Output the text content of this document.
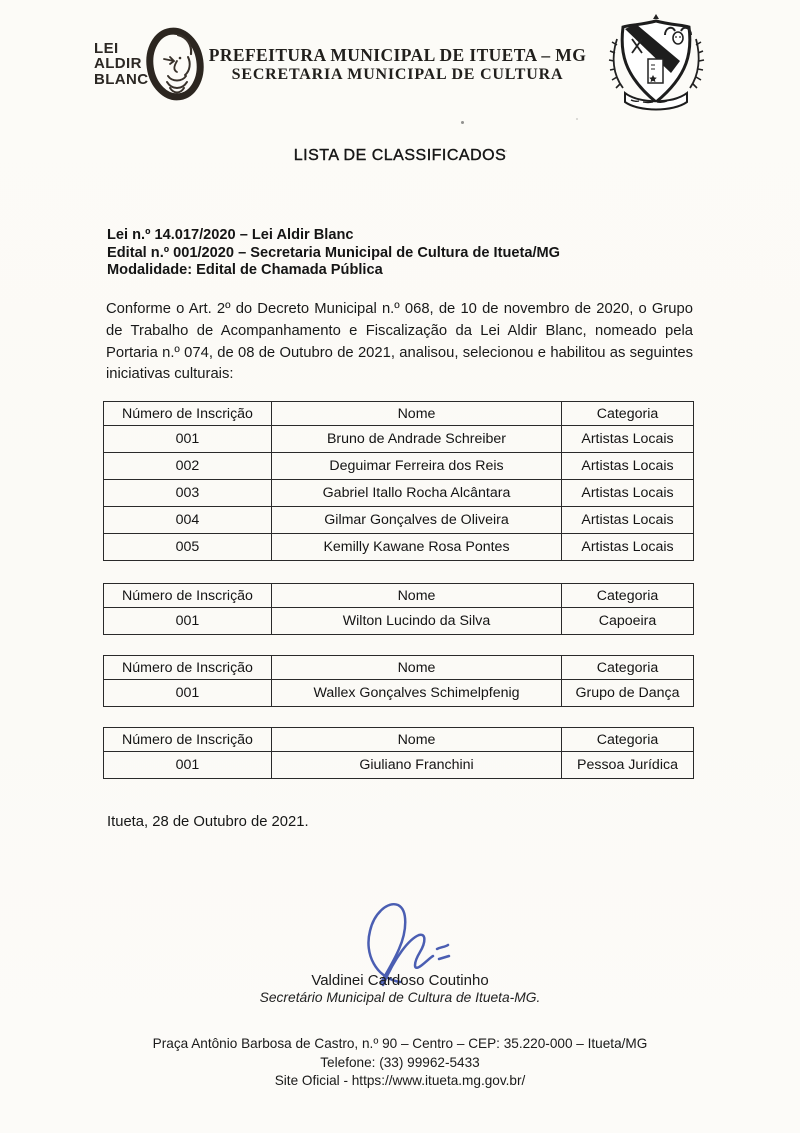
LEI
ALDIR
BLANC
PREFEITURA MUNICIPAL DE ITUETA – MG
SECRETARIA MUNICIPAL DE CULTURA
LISTA DE CLASSIFICADOS
Lei n.º 14.017/2020 – Lei Aldir Blanc
Edital n.º 001/2020 – Secretaria Municipal de Cultura de Itueta/MG
Modalidade: Edital de Chamada Pública

Conforme o Art. 2º do Decreto Municipal n.º 068, de 10 de novembro de 2020, o Grupo de Trabalho de Acompanhamento e Fiscalização da Lei Aldir Blanc, nomeado pela Portaria n.º 074, de 08 de Outubro de 2021, analisou, selecionou e habilitou as seguintes iniciativas culturais:

Número de Inscrição	Nome	Categoria
001	Bruno de Andrade Schreiber	Artistas Locais
002	Deguimar Ferreira dos Reis	Artistas Locais
003	Gabriel Itallo Rocha Alcântara	Artistas Locais
004	Gilmar Gonçalves de Oliveira	Artistas Locais
005	Kemilly Kawane Rosa Pontes	Artistas Locais
Número de Inscrição	Nome	Categoria
001	Wilton Lucindo da Silva	Capoeira
Número de Inscrição	Nome	Categoria
001	Wallex Gonçalves Schimelpfenig	Grupo de Dança
Número de Inscrição	Nome	Categoria
001	Giuliano Franchini	Pessoa Jurídica
Itueta, 28 de Outubro de 2021.
Valdinei Cardoso Coutinho
Secretário Municipal de Cultura de Itueta-MG.
Praça Antônio Barbosa de Castro, n.º 90 – Centro – CEP: 35.220-000 – Itueta/MG
Telefone: (33) 99962-5433
Site Oficial - https://www.itueta.mg.gov.br/
